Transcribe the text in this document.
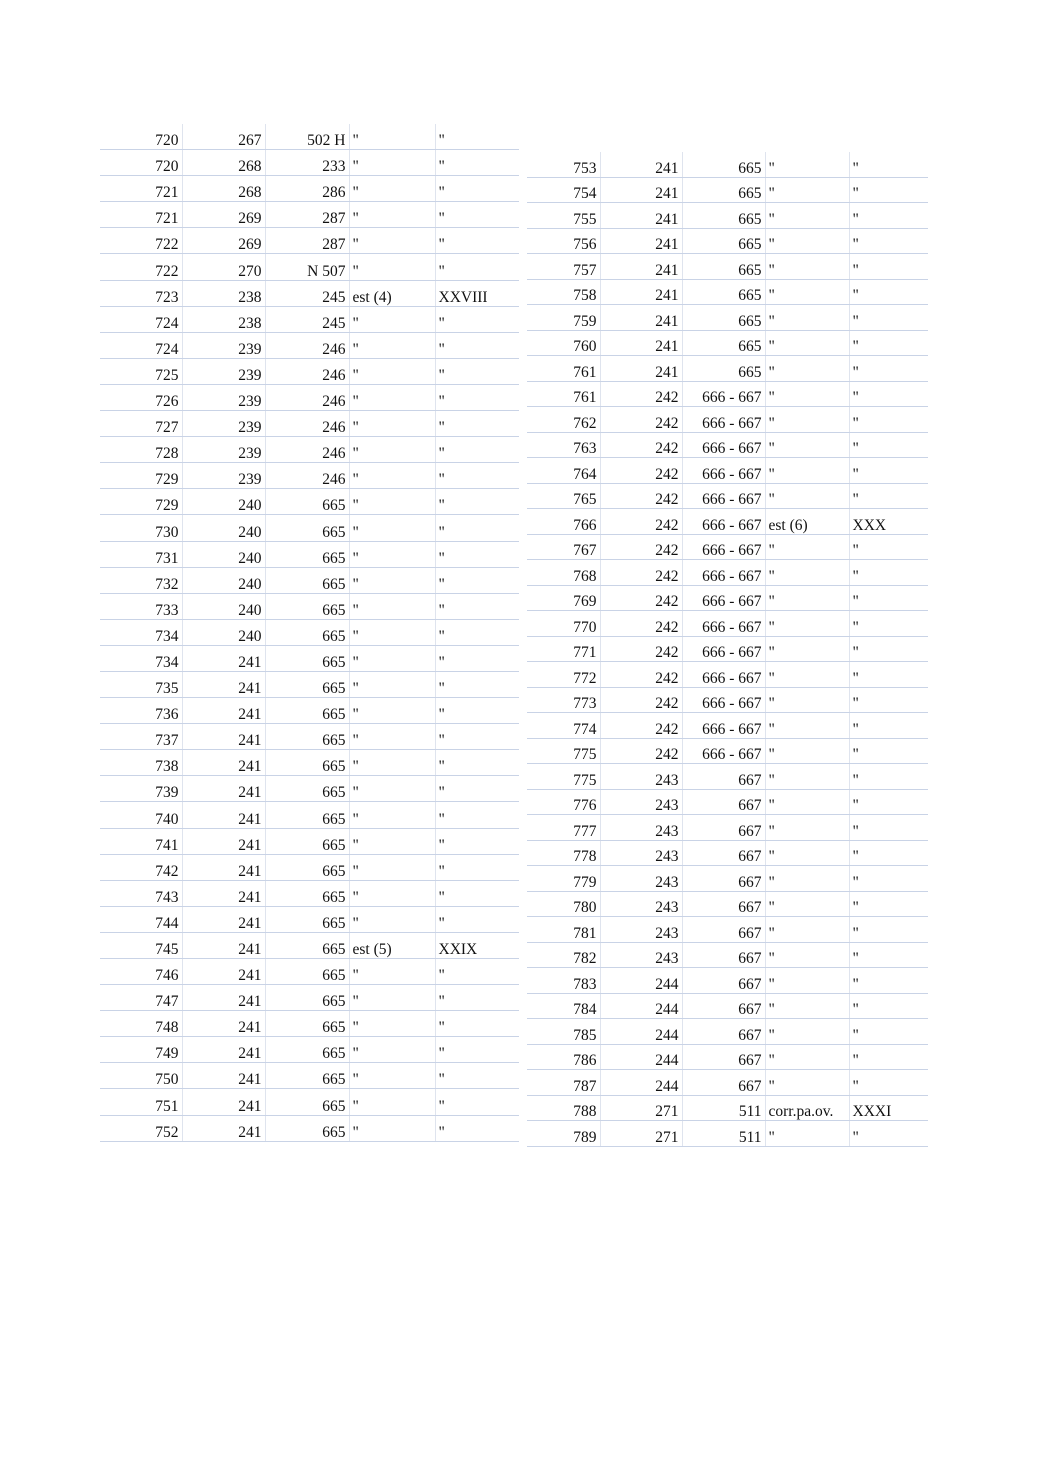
720	267	502 H	"	"
720	268	233	"	"
721	268	286	"	"
721	269	287	"	"
722	269	287	"	"
722	270	N 507	"	"
723	238	245	est (4)	XXVIII
724	238	245	"	"
724	239	246	"	"
725	239	246	"	"
726	239	246	"	"
727	239	246	"	"
728	239	246	"	"
729	239	246	"	"
729	240	665	"	"
730	240	665	"	"
731	240	665	"	"
732	240	665	"	"
733	240	665	"	"
734	240	665	"	"
734	241	665	"	"
735	241	665	"	"
736	241	665	"	"
737	241	665	"	"
738	241	665	"	"
739	241	665	"	"
740	241	665	"	"
741	241	665	"	"
742	241	665	"	"
743	241	665	"	"
744	241	665	"	"
745	241	665	est (5)	XXIX
746	241	665	"	"
747	241	665	"	"
748	241	665	"	"
749	241	665	"	"
750	241	665	"	"
751	241	665	"	"
752	241	665	"	"
753	241	665	"	"
754	241	665	"	"
755	241	665	"	"
756	241	665	"	"
757	241	665	"	"
758	241	665	"	"
759	241	665	"	"
760	241	665	"	"
761	241	665	"	"
761	242	666 - 667	"	"
762	242	666 - 667	"	"
763	242	666 - 667	"	"
764	242	666 - 667	"	"
765	242	666 - 667	"	"
766	242	666 - 667	est (6)	XXX
767	242	666 - 667	"	"
768	242	666 - 667	"	"
769	242	666 - 667	"	"
770	242	666 - 667	"	"
771	242	666 - 667	"	"
772	242	666 - 667	"	"
773	242	666 - 667	"	"
774	242	666 - 667	"	"
775	242	666 - 667	"	"
775	243	667	"	"
776	243	667	"	"
777	243	667	"	"
778	243	667	"	"
779	243	667	"	"
780	243	667	"	"
781	243	667	"	"
782	243	667	"	"
783	244	667	"	"
784	244	667	"	"
785	244	667	"	"
786	244	667	"	"
787	244	667	"	"
788	271	511	corr.pa.ov.	XXXI
789	271	511	"	"
